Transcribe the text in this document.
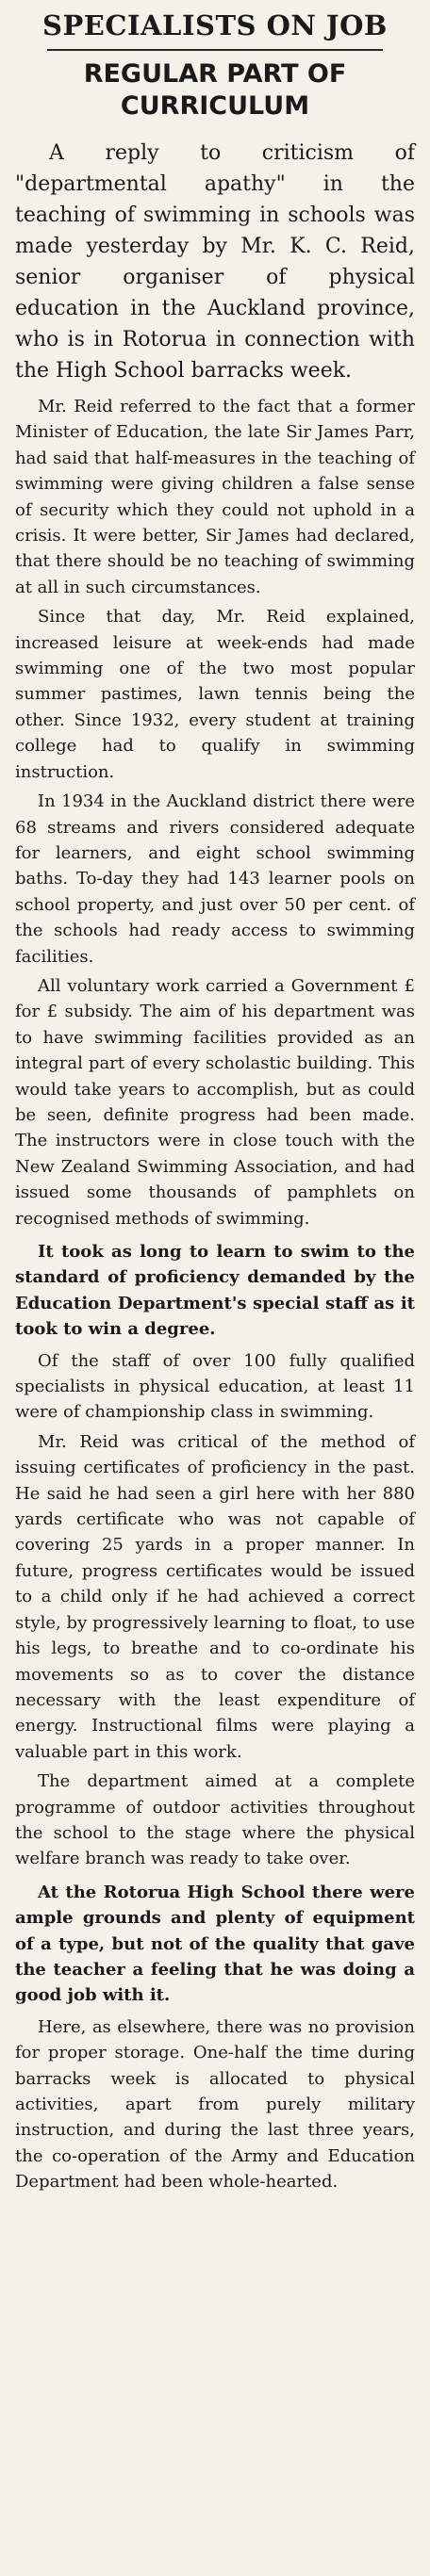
SPECIALISTS ON JOB
REGULAR PART OF CURRICULUM

A reply to criticism of "departmental apathy" in the teaching of swimming in schools was made yesterday by Mr. K. C. Reid, senior organiser of physical education in the Auckland province, who is in Rotorua in connection with the High School barracks week.

Mr. Reid referred to the fact that a former Minister of Education, the late Sir James Parr, had said that half-measures in the teaching of swimming were giving children a false sense of security which they could not uphold in a crisis. It were better, Sir James had declared, that there should be no teaching of swimming at all in such circumstances.

Since that day, Mr. Reid explained, increased leisure at week-ends had made swimming one of the two most popular summer pastimes, lawn tennis being the other. Since 1932, every student at training college had to qualify in swimming instruction.

In 1934 in the Auckland district there were 68 streams and rivers considered adequate for learners, and eight school swimming baths. To-day they had 143 learner pools on school property, and just over 50 per cent. of the schools had ready access to swimming facilities.

All voluntary work carried a Government £ for £ subsidy. The aim of his department was to have swimming facilities provided as an integral part of every scholastic building. This would take years to accomplish, but as could be seen, definite progress had been made. The instructors were in close touch with the New Zealand Swimming Association, and had issued some thousands of pamphlets on recognised methods of swimming.

It took as long to learn to swim to the standard of proficiency demanded by the Education Department's special staff as it took to win a degree.

Of the staff of over 100 fully qualified specialists in physical education, at least 11 were of championship class in swimming.

Mr. Reid was critical of the method of issuing certificates of proficiency in the past. He said he had seen a girl here with her 880 yards certificate who was not capable of covering 25 yards in a proper manner. In future, progress certificates would be issued to a child only if he had achieved a correct style, by progressively learning to float, to use his legs, to breathe and to co-ordinate his movements so as to cover the distance necessary with the least expenditure of energy. Instructional films were playing a valuable part in this work.

The department aimed at a complete programme of outdoor activities throughout the school to the stage where the physical welfare branch was ready to take over.

At the Rotorua High School there were ample grounds and plenty of equipment of a type, but not of the quality that gave the teacher a feeling that he was doing a good job with it.

Here, as elsewhere, there was no provision for proper storage. One-half the time during barracks week is allocated to physical activities, apart from purely military instruction, and during the last three years, the co-operation of the Army and Education Department had been whole-hearted.
